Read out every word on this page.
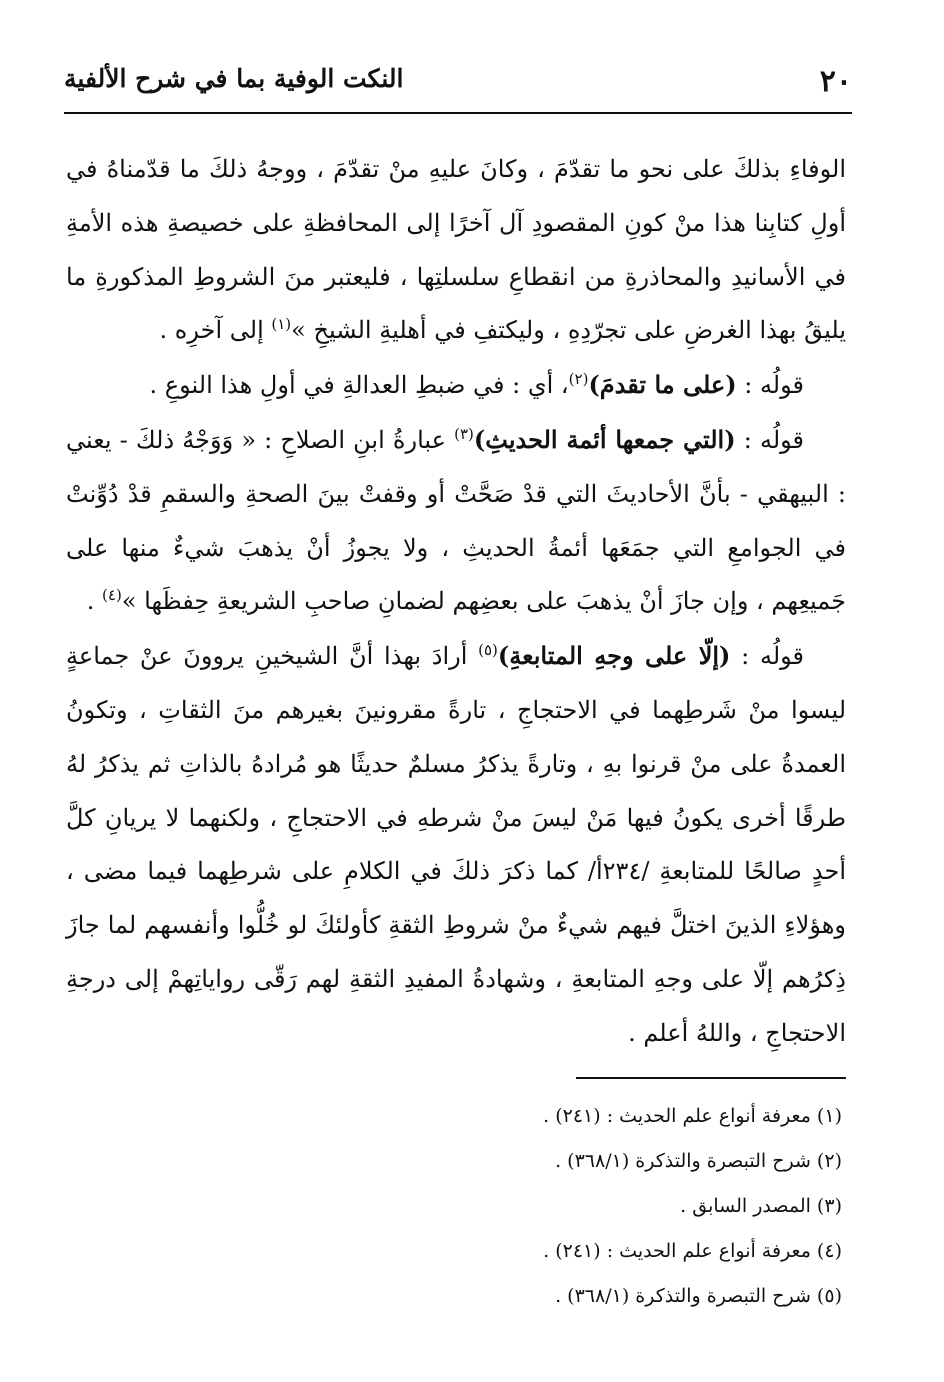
٢٠
النكت الوفية بما في شرح الألفية

الوفاءِ بذلكَ على نحو ما تقدّمَ ، وكانَ عليهِ منْ تقدّمَ ، ووجهُ ذلكَ ما قدّمناهُ في أولِ كتابِنا هذا منْ كونِ المقصودِ آل آخرًا إلى المحافظةِ على خصيصةِ هذه الأمةِ في الأسانيدِ والمحاذرةِ من انقطاعِ سلسلتِها ، فليعتبر منَ الشروطِ المذكورةِ ما يليقُ بهذا الغرضِ على تجرّدِهِ ، وليكتفِ في أهليةِ الشيخِ »$^{(١)}$ إلى آخرِه .

قولُه : (على ما تقدمَ)$^{(٢)}$، أي : في ضبطِ العدالةِ في أولِ هذا النوعِ .

قولُه : (التي جمعها أئمة الحديثِ)$^{(٣)}$ عبارةُ ابنِ الصلاحِ : « وَوَجْهُ ذلكَ - يعني : البيهقي - بأنَّ الأحاديثَ التي قدْ صَحَّتْ أو وقفتْ بينَ الصحةِ والسقمِ قدْ دُوِّنتْ في الجوامعِ التي جمَعَها أئمةُ الحديثِ ، ولا يجوزُ أنْ يذهبَ شيءٌ منها على جَميعِهم ، وإن جازَ أنْ يذهبَ على بعضِهم لضمانِ صاحبِ الشريعةِ حِفظَها »$^{(٤)}$ .

قولُه : (إلّا على وجهِ المتابعةِ)$^{(٥)}$ أرادَ بهذا أنَّ الشيخينِ يروونَ عنْ جماعةٍ ليسوا منْ شَرطِهما في الاحتجاجِ ، تارةً مقرونينَ بغيرهم منَ الثقاتِ ، وتكونُ العمدةُ على منْ قرنوا بهِ ، وتارةً يذكرُ مسلمٌ حديثًا هو مُرادهُ بالذاتِ ثم يذكرُ لهُ طرقًا أخرى يكونُ فيها مَنْ ليسَ منْ شرطهِ في الاحتجاجِ ، ولكنهما لا يريانِ كلَّ أحدٍ صالحًا للمتابعةِ /٢٣٤أ/ كما ذكرَ ذلكَ في الكلامِ على شرطِهما فيما مضى ، وهؤلاءِ الذينَ اختلَّ فيهم شيءٌ منْ شروطِ الثقةِ كأولئكَ لو خُلُّوا وأنفسهم لما جازَ ذِكرُهم إلّا على وجهِ المتابعةِ ، وشهادةُ المفيدِ الثقةِ لهم رَقّى رواياتِهمْ إلى درجةِ الاحتجاجِ ، واللهُ أعلم .

(١) معرفة أنواع علم الحديث : (٢٤١) .
(٢) شرح التبصرة والتذكرة (٣٦٨/١) .
(٣) المصدر السابق .
(٤) معرفة أنواع علم الحديث : (٢٤١) .
(٥) شرح التبصرة والتذكرة (٣٦٨/١) .
